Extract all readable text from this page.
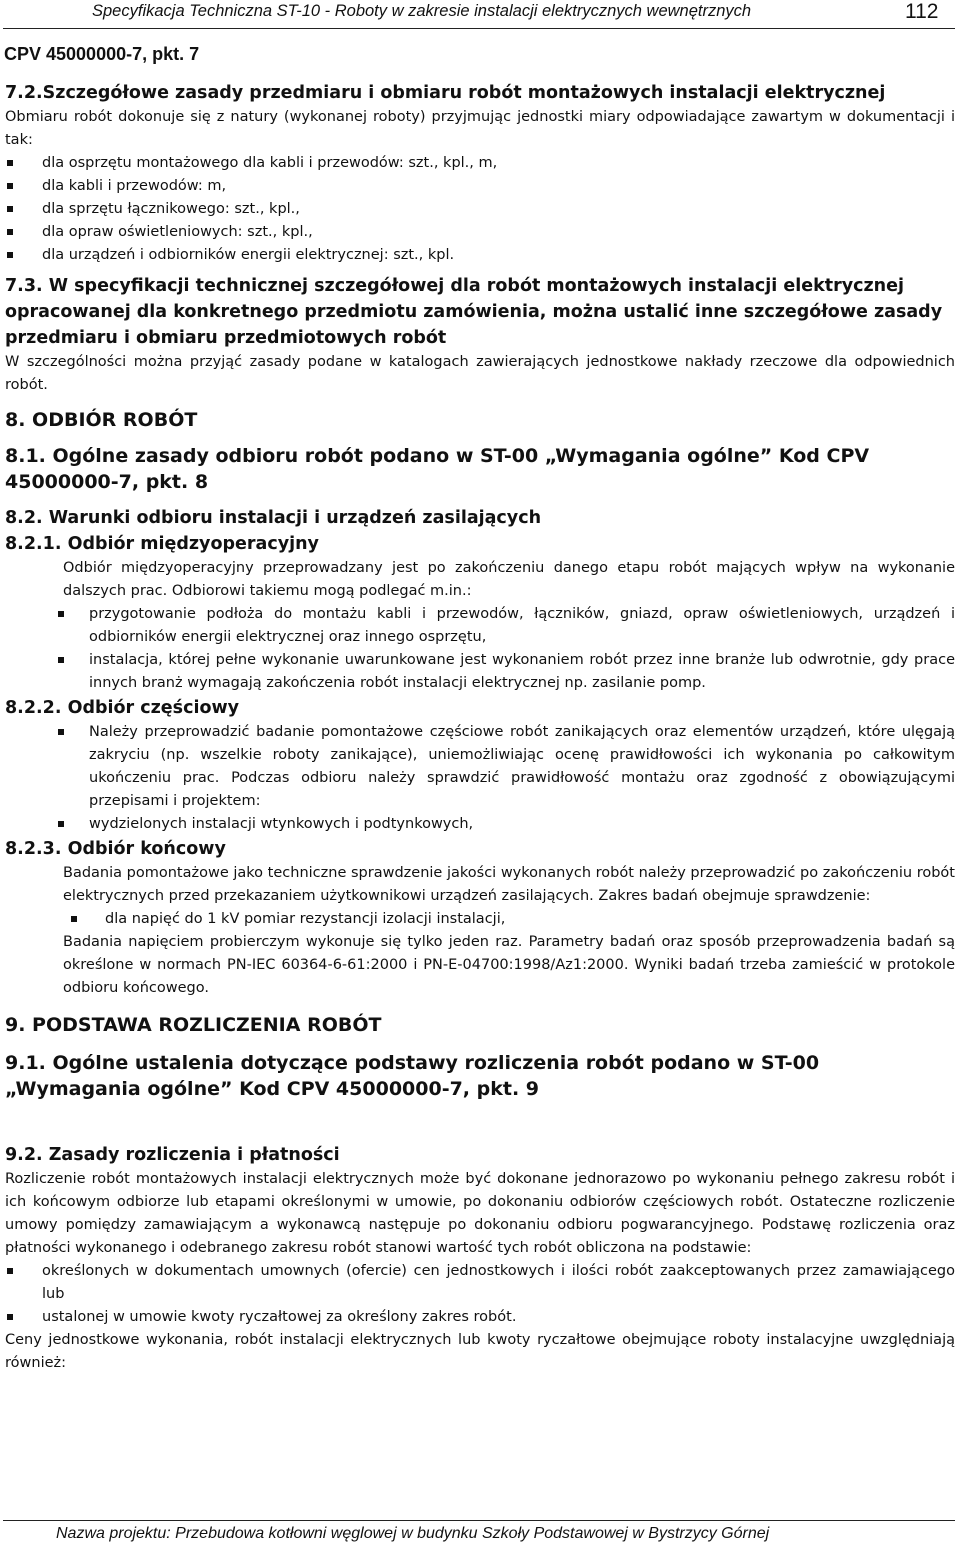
Specyfikacja Techniczna ST-10 - Roboty w zakresie instalacji elektrycznych wewnętrznych	112
CPV 45000000-7, pkt. 7
7.2.Szczegółowe zasady przedmiaru i obmiaru robót montażowych instalacji elektrycznej

Obmiaru robót dokonuje się z natury (wykonanej roboty) przyjmując jednostki miary odpowiadające zawartym w dokumentacji i tak:

dla osprzętu montażowego dla kabli i przewodów: szt., kpl., m,
dla kabli i przewodów: m,
dla sprzętu łącznikowego: szt., kpl.,
dla opraw oświetleniowych: szt., kpl.,
dla urządzeń i odbiorników energii elektrycznej: szt., kpl.
7.3. W specyfikacji technicznej szczegółowej dla robót montażowych instalacji elektrycznej opracowanej dla konkretnego przedmiotu zamówienia, można ustalić inne szczegółowe zasady przedmiaru i obmiaru przedmiotowych robót

W szczególności można przyjąć zasady podane w katalogach zawierających jednostkowe nakłady rzeczowe dla odpowiednich robót.

8. ODBIÓR ROBÓT
8.1. Ogólne zasady odbioru robót podano w ST-00 „Wymagania ogólne” Kod CPV 45000000-7, pkt. 8
8.2. Warunki odbioru instalacji i urządzeń zasilających
8.2.1. Odbiór międzyoperacyjny

Odbiór międzyoperacyjny przeprowadzany jest po zakończeniu danego etapu robót mających wpływ na wykonanie dalszych prac. Odbiorowi takiemu mogą podlegać m.in.:

przygotowanie podłoża do montażu kabli i przewodów, łączników, gniazd, opraw oświetleniowych, urządzeń i odbiorników energii elektrycznej oraz innego osprzętu,

instalacja, której pełne wykonanie uwarunkowane jest wykonaniem robót przez inne branże lub odwrotnie, gdy prace innych branż wymagają zakończenia robót instalacji elektrycznej np. zasilanie pomp.

8.2.2. Odbiór częściowy

Należy przeprowadzić badanie pomontażowe częściowe robót zanikających oraz elementów urządzeń, które ulęgają zakryciu (np. wszelkie roboty zanikające), uniemożliwiając ocenę prawidłowości ich wykonania po całkowitym ukończeniu prac. Podczas odbioru należy sprawdzić prawidłowość montażu oraz zgodność z obowiązującymi przepisami i projektem:

wydzielonych instalacji wtynkowych i podtynkowych,

8.2.3. Odbiór końcowy

Badania pomontażowe jako techniczne sprawdzenie jakości wykonanych robót należy przeprowadzić po zakończeniu robót elektrycznych przed przekazaniem użytkownikowi urządzeń zasilających. Zakres badań obejmuje sprawdzenie:

dla napięć do 1 kV pomiar rezystancji izolacji instalacji,

Badania napięciem probierczym wykonuje się tylko jeden raz. Parametry badań oraz sposób przeprowadzenia badań są określone w normach PN-IEC 60364-6-61:2000 i PN-E-04700:1998/Az1:2000. Wyniki badań trzeba zamieścić w protokole odbioru końcowego.

9. PODSTAWA ROZLICZENIA ROBÓT
9.1. Ogólne ustalenia dotyczące podstawy rozliczenia robót podano w ST-00 „Wymagania ogólne” Kod CPV 45000000-7, pkt. 9
9.2. Zasady rozliczenia i płatności

Rozliczenie robót montażowych instalacji elektrycznych może być dokonane jednorazowo po wykonaniu pełnego zakresu robót i ich końcowym odbiorze lub etapami określonymi w umowie, po dokonaniu odbiorów częściowych robót. Ostateczne rozliczenie umowy pomiędzy zamawiającym a wykonawcą następuje po dokonaniu odbioru pogwarancyjnego. Podstawę rozliczenia oraz płatności wykonanego i odebranego zakresu robót stanowi wartość tych robót obliczona na podstawie:

określonych w dokumentach umownych (ofercie) cen jednostkowych i ilości robót zaakceptowanych przez zamawiającego lub

ustalonej w umowie kwoty ryczałtowej za określony zakres robót.

Ceny jednostkowe wykonania, robót instalacji elektrycznych lub kwoty ryczałtowe obejmujące roboty instalacyjne uwzględniają również:

Nazwa projektu: Przebudowa kotłowni węglowej w budynku Szkoły Podstawowej w Bystrzycy Górnej
